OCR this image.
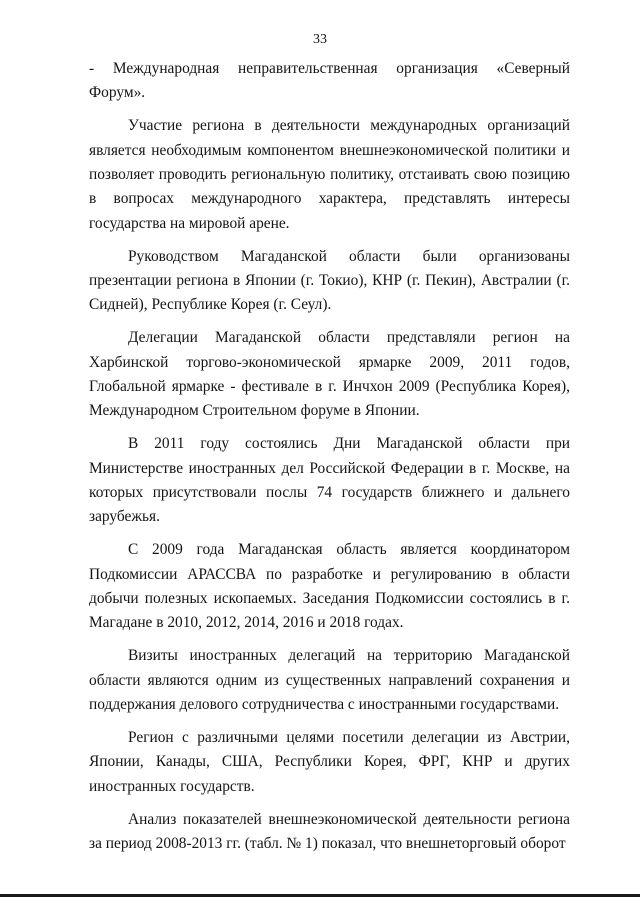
33

- Международная неправительственная организация «Северный Форум».

Участие региона в деятельности международных организаций является необходимым компонентом внешнеэкономической политики и позволяет проводить региональную политику, отстаивать свою позицию в вопросах международного характера, представлять интересы государства на мировой арене.

Руководством Магаданской области были организованы презентации региона в Японии (г. Токио), КНР (г. Пекин), Австралии (г. Сидней), Республике Корея (г. Сеул).

Делегации Магаданской области представляли регион на Харбинской торгово-экономической ярмарке 2009, 2011 годов, Глобальной ярмарке - фестивале в г. Инчхон 2009 (Республика Корея), Международном Строительном форуме в Японии.

В 2011 году состоялись Дни Магаданской области при Министерстве иностранных дел Российской Федерации в г. Москве, на которых присутствовали послы 74 государств ближнего и дальнего зарубежья.

С 2009 года Магаданская область является координатором Подкомиссии АРАССВА по разработке и регулированию в области добычи полезных ископаемых. Заседания Подкомиссии состоялись в г. Магадане в 2010, 2012, 2014, 2016 и 2018 годах.

Визиты иностранных делегаций на территорию Магаданской области являются одним из существенных направлений сохранения и поддержания делового сотрудничества с иностранными государствами.

Регион с различными целями посетили делегации из Австрии, Японии, Канады, США, Республики Корея, ФРГ, КНР и других иностранных государств.

Анализ показателей внешнеэкономической деятельности региона за период 2008-2013 гг. (табл. № 1) показал, что внешнеторговый оборот
